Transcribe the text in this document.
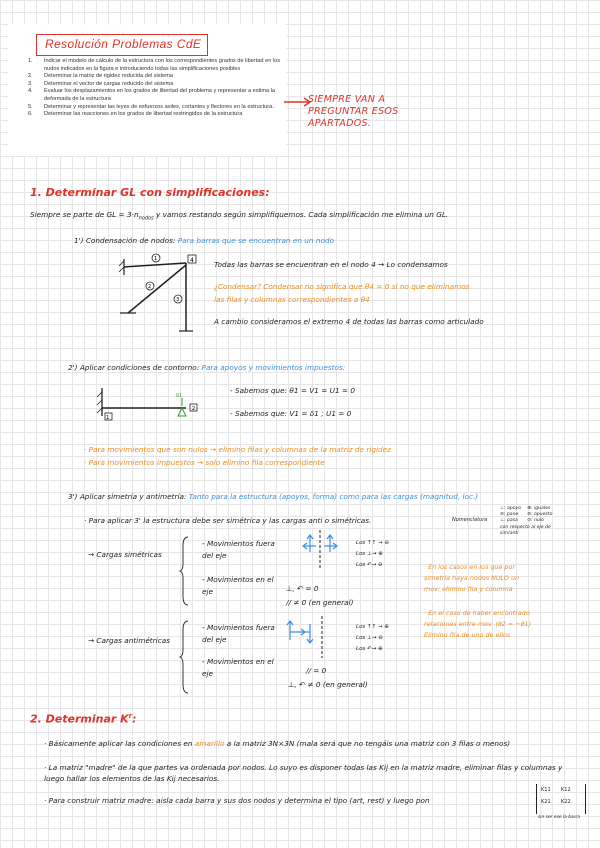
Resolución Problemas CdE
1.	Indicar el modelo de cálculo de la estructura con los correspondientes grados de libertad en los nudos indicados en la figura e introduciendo todas las simplificaciones posibles
2.	Determinar la matriz de rigidez reducida del sistema
3.	Determinar el vector de cargas reducido del sistema
4.	Evaluar los desplazamientos en los grados de libertad del problema y representar a estima la deformada de la estructura
5.	Determinar y representar las leyes de esfuerzos axiles, cortantes y flectores en la estructura.
6.	Determinar las reacciones en los grados de libertad restringidos de la estructura
SIEMPRE VAN A PREGUNTAR ESOS APARTADOS.
1. Determinar GL con simplificaciones:
Siempre se parte de GL = $3\cdot n_{nodos}$ y vamos restando según simplifiquemos. Cada simplificación me elimina un GL.
1') Condensación de nodos: Para barras que se encuentran en un nodo
1
2
3
4	Todas las barras se encuentran en el nodo 4 → Lo condensamos
¿Condensar? Condensar no significa que θ4 = 0 si no que eliminamos
las filas y columnas correspondientes a θ4
A cambio consideramos el extremo 4 de todas las barras como articulado
2') Aplicar condiciones de contorno: Para apoyos y movimientos impuestos:
1
δ1
2
- Sabemos que: θ1 = V1 = U1 = 0
- Sabemos que: V1 = δ1 ; U1 = 0
· Para movimientos que son nulos → elimino filas y columnas de la matriz de rigidez
· Para movimientos impuestos → solo elimino fila correspondiente
3') Aplicar simetría y antimetría: Tanto para la estructura (apoyos, forma) como para las cargas (magnitud, loc.)
· Para aplicar 3' la estructura debe ser simétrica y las cargas anti o simétricas.	Nomenclatura
⊥: apoyo
⊘: pane
⊥: pasa
⊕: iguales
⊖: opuesto
⊙: nulo
con respecto al eje de sim/anti
→ Cargas simétricas
- Movimientos fuera del eje
- Movimientos en el eje
Los ↑↑ → ⊖
Los ⊥→ ⊕
Los ↶→ ⊖
⊥, ↶ = 0
// ≠ 0 (en general)
· En los casos en los que por simetría haya nodos NULO un mov: elimino fila y columna
· En el caso de haber encontrado relaciones entre mov. (θ2 = −θ1) Elimino fila de uno de ellos
→ Cargas antimétricas
- Movimientos fuera del eje
- Movimientos en el eje
Los ↑↑ → ⊕
Los ⊥→ ⊖
Los ↶→ ⊕
// = 0
⊥, ↶ ≠ 0 (en general)
2. Determinar $K^r$:
· Básicamente aplicar las condiciones en amarillo a la matriz 3N×3N (mala será que no tengáis una matriz con 3 filas o menos)
· La matriz "madre" de la que partes va ordenada por nodos. Lo suyo es disponer todas las Kij en la matriz madre, eliminar filas y columnas y luego hallar los elementos de las Kij necesarios.
· Para construir matriz madre: aisla cada barra y sus dos nodos y determina el tipo (art, rest) y luego pon
K11	K12
K21	K22
sin ser ese la barra
